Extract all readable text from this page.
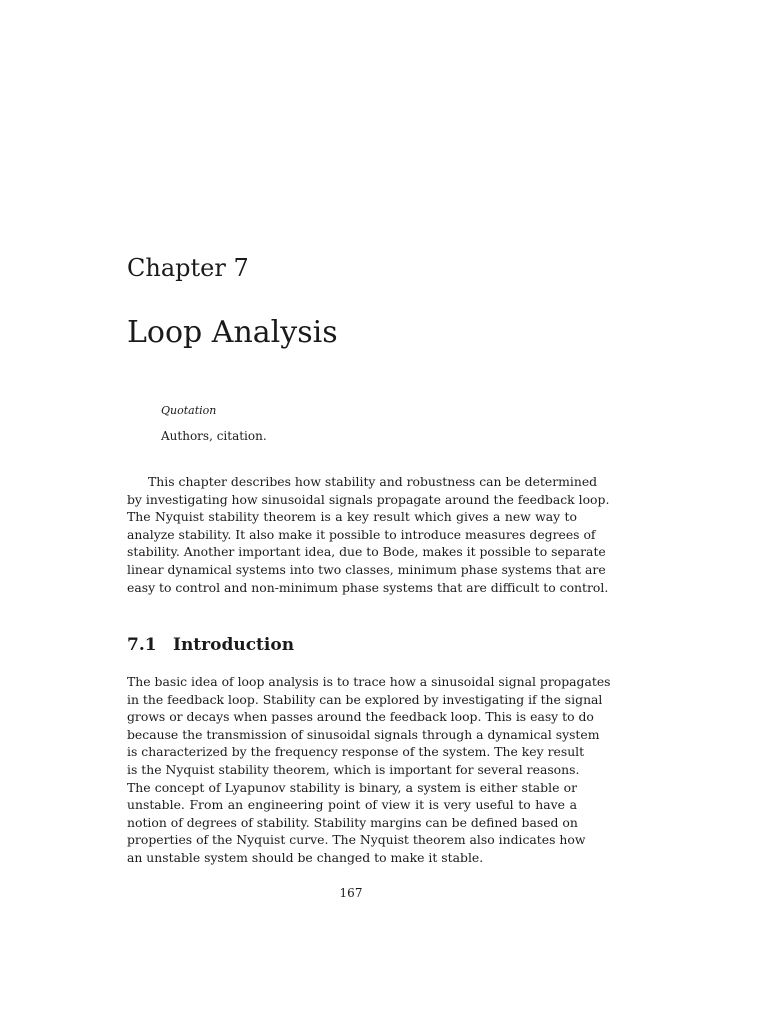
Chapter 7
Loop Analysis

Quotation

Authors, citation.

This chapter describes how stability and robustness can be determined
by investigating how sinusoidal signals propagate around the feedback loop.
The Nyquist stability theorem is a key result which gives a new way to
analyze stability. It also make it possible to introduce measures degrees of
stability. Another important idea, due to Bode, makes it possible to separate
linear dynamical systems into two classes, minimum phase systems that are
easy to control and non-minimum phase systems that are difficult to control.
7.1 Introduction
The basic idea of loop analysis is to trace how a sinusoidal signal propagates
in the feedback loop. Stability can be explored by investigating if the signal
grows or decays when passes around the feedback loop. This is easy to do
because the transmission of sinusoidal signals through a dynamical system
is characterized by the frequency response of the system. The key result
is the Nyquist stability theorem, which is important for several reasons.
The concept of Lyapunov stability is binary, a system is either stable or
unstable. From an engineering point of view it is very useful to have a
notion of degrees of stability. Stability margins can be defined based on
properties of the Nyquist curve. The Nyquist theorem also indicates how
an unstable system should be changed to make it stable.

167
